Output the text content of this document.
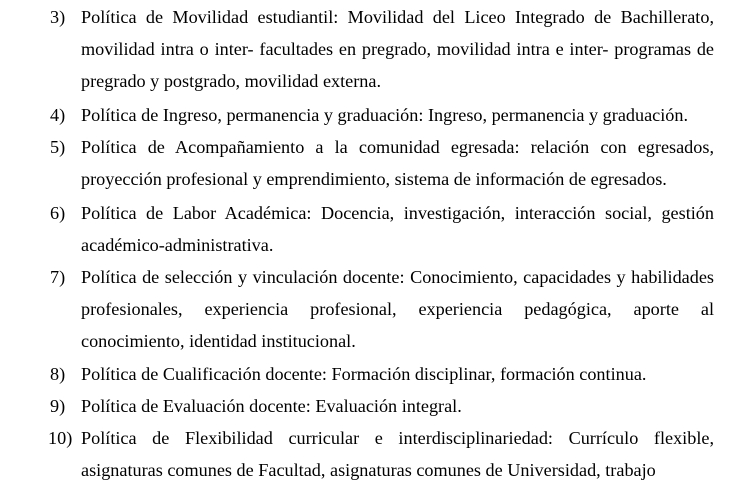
3) Política de Movilidad estudiantil: Movilidad del Liceo Integrado de Bachillerato, movilidad intra o inter- facultades en pregrado, movilidad intra e inter- programas de pregrado y postgrado, movilidad externa.
4) Política de Ingreso, permanencia y graduación: Ingreso, permanencia y graduación.
5) Política de Acompañamiento a la comunidad egresada: relación con egresados, proyección profesional y emprendimiento, sistema de información de egresados.
6) Política de Labor Académica: Docencia, investigación, interacción social, gestión académico-administrativa.
7) Política de selección y vinculación docente: Conocimiento, capacidades y habilidades profesionales, experiencia profesional, experiencia pedagógica, aporte al conocimiento, identidad institucional.
8) Política de Cualificación docente: Formación disciplinar, formación continua.
9) Política de Evaluación docente: Evaluación integral.
10) Política de Flexibilidad curricular e interdisciplinariedad: Currículo flexible, asignaturas comunes de Facultad, asignaturas comunes de Universidad, trabajo
